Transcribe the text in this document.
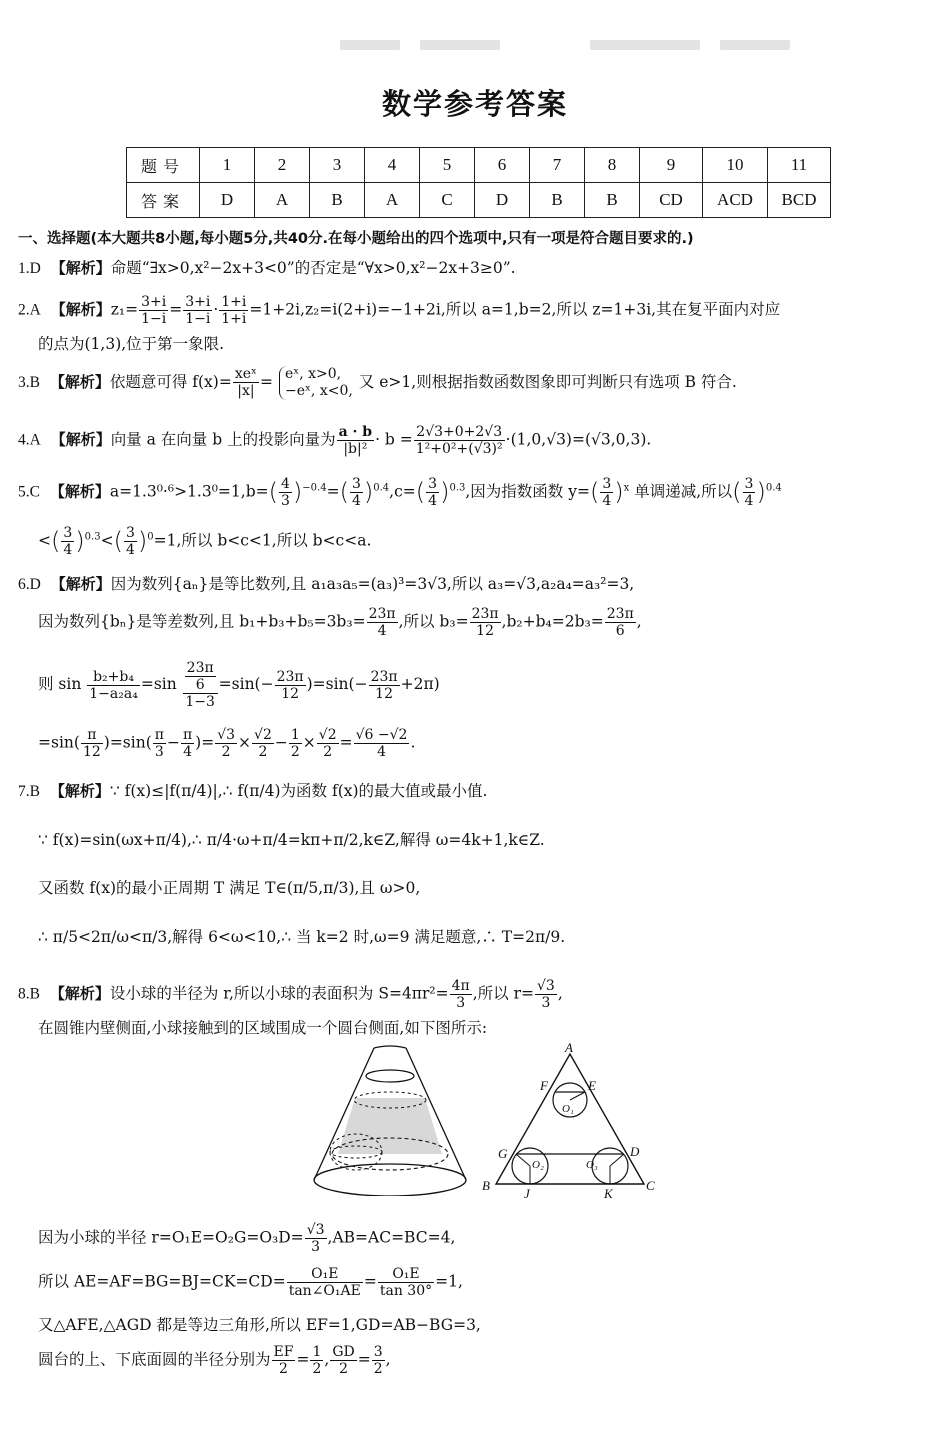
数学参考答案
题号	1	2	3	4	5	6	7	8	9	10	11
答案	D	A	B	A	C	D	B	B	CD	ACD	BCD
一、选择题(本大题共8小题,每小题5分,共40分.在每小题给出的四个选项中,只有一项是符合题目要求的.)
1.D 【解析】命题“∃x>0,x²−2x+3<0”的否定是“∀x>0,x²−2x+3≥0”.
2.A 【解析】$z_1= \frac{3+i}{1-i} = \frac{3+i}{1-i} \cdot \frac{1+i}{1+i} =1+2i,z_2=i(2+i)=-1+2i$,所以 a=1,b=2,所以 z=1+3i,其在复平面内对应
的点为(1,3),位于第一象限.
3.B 【解析】依题意可得 $f(x)= \frac{\text{xeˣ}}{|x|}$ = eˣ, x>0,
−eˣ, x<0, 又 e>1,则根据指数函数图象即可判断只有选项 B 符合.
4.A 【解析】向量 a 在向量 b 上的投影向量为 $\frac{a \cdot b}{\text{|b|²}} \cdot b = \frac{2√3+0+2√3}{\text{1²+0²+(√3)²}} \cdot(1,0,√3)=(√3,0,3)$.
5.C 【解析】$a=1.3^0\cdot^6>1.3^0=1,b=( \frac{4}{3} )^{-0.4}=( \frac{3}{4} )^{0.4},c=( \frac{3}{4} )^{0.3}$,因为指数函数 $y=( \frac{3}{4} )^x$ 单调递减,所以( $\frac{3}{4} )^{0.4}$
<( $\frac{3}{4} )^{0.3}<( \frac{3}{4} )^0=1$,所以 b<c<1,所以 b<c<a.
6.D 【解析】因为数列{aₙ}是等比数列,且 a₁a₃a₅=(a₃)³=3√3,所以 a₃=√3,a₂a₄=a₃²=3,
因为数列{bₙ}是等差数列,且 $b_1+b_3+b_5=3b_3= \frac{23\pi}{4}$ ,所以 $b_3= \frac{23\pi}{12} ,b_2+b_4=2b_3= \frac{23\pi}{6}$ ,
则 $\sin \frac{\text{b₂+b₄}}{\text{1−a₂a₄}} =\sin \frac{\frac{23\pi}{6}}{1-3} =\sin(- \frac{23\pi}{12} )=\sin(- \frac{23\pi}{12} +2\pi)$
$=\sin( \frac{\pi}{12} )=\sin( \frac{\pi}{3} - \frac{\pi}{4}$ )= $\frac{√3}{2} \times \frac{√2}{2} - \frac{1}{2} \times \frac{√2}{2} = \frac{√6 -√2}{4}$ .
7.B 【解析】∵ f(x)≤|f(π/4)|,∴ f(π/4)为函数 f(x)的最大值或最小值.
∵ f(x)=sin(ωx+π/4),∴ π/4·ω+π/4=kπ+π/2,k∈Z,解得 ω=4k+1,k∈Z.
又函数 f(x)的最小正周期 T 满足 T∈(π/5,π/3),且 ω>0,
∴ π/5<2π/ω<π/3,解得 6<ω<10,∴ 当 k=2 时,ω=9 满足题意,∴ T=2π/9.
8.B 【解析】设小球的半径为 r,所以小球的表面积为 $S=4\pi r^2= \frac{4\pi}{3}$ ,所以 $r= \frac{√3}{3}$ ,
在圆锥内壁侧面,小球接触到的区域围成一个圆台侧面,如下图所示:
A
E
F
O₁
G	D
O₂	O₃
B	C
J	K
因为小球的半径 $r=O_1E=O_2G=O_3D= \frac{√3}{3} ,AB=AC=BC=4$,
所以 $AE=AF=BG=BJ=CK=CD= \frac{\text{O₁E}}{\text{tan∠O₁AE}} = \frac{\text{O₁E}}{\tan 30^\circ} =1$,
又△AFE,△AGD 都是等边三角形,所以 EF=1,GD=AB−BG=3,
圆台的上、下底面圆的半径分别为 $\frac{EF}{2} = \frac{1}{2}$ , $\frac{GD}{2} = \frac{3}{2}$ ,
